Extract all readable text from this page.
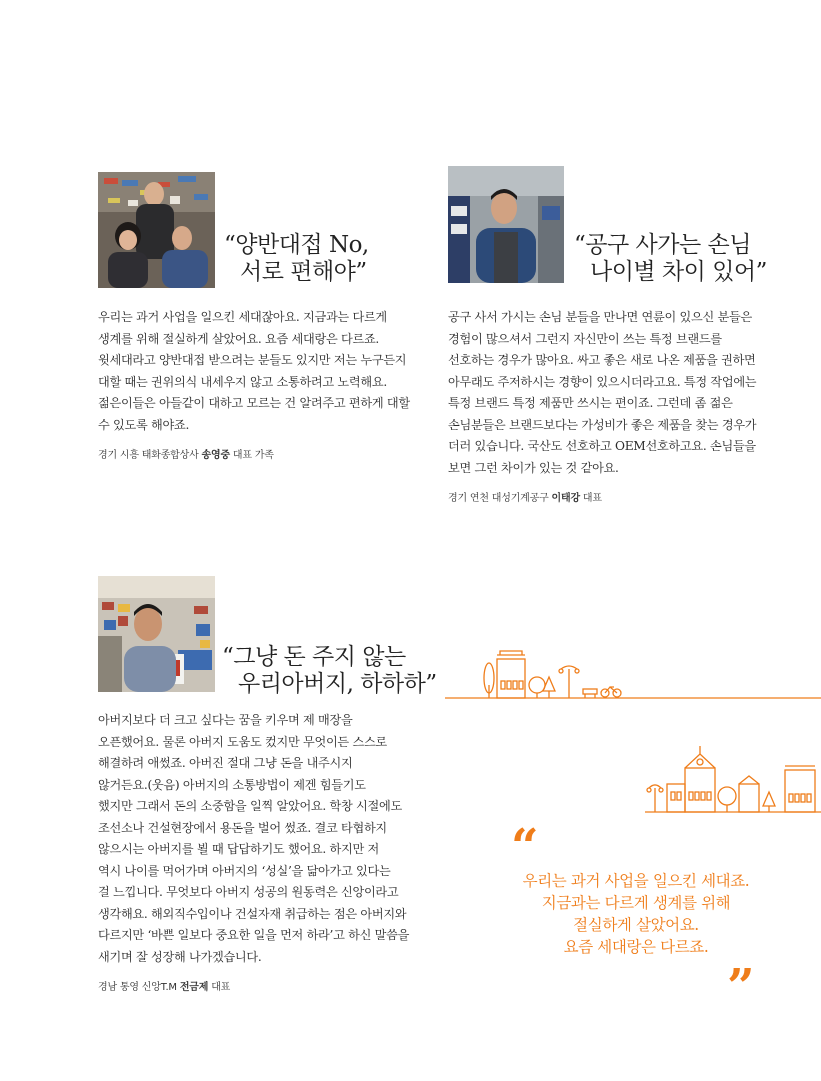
“양반대접 No,
서로 편해야”
우리는 과거 사업을 일으킨 세대잖아요. 지금과는 다르게
생계를 위해 절실하게 살았어요. 요즘 세대랑은 다르죠.
윗세대라고 양반대접 받으려는 분들도 있지만 저는 누구든지
대할 때는 권위의식 내세우지 않고 소통하려고 노력해요.
젊은이들은 아들같이 대하고 모르는 건 알려주고 편하게 대할
수 있도록 해야죠.
경기 시흥 태화종합상사 송영중 대표 가족
“공구 사가는 손님
나이별 차이 있어”
공구 사서 가시는 손님 분들을 만나면 연륜이 있으신 분들은
경험이 많으셔서 그런지 자신만이 쓰는 특정 브랜드를
선호하는 경우가 많아요. 싸고 좋은 새로 나온 제품을 권하면
아무래도 주저하시는 경향이 있으시더라고요. 특정 작업에는
특정 브랜드 특정 제품만 쓰시는 편이죠. 그런데 좀 젊은
손님분들은 브랜드보다는 가성비가 좋은 제품을 찾는 경우가
더러 있습니다. 국산도 선호하고 OEM선호하고요. 손님들을
보면 그런 차이가 있는 것 같아요.
경기 연천 대성기계공구 이태강 대표
“그냥 돈 주지 않는
우리아버지, 하하하”
아버지보다 더 크고 싶다는 꿈을 키우며 제 매장을
오픈했어요. 물론 아버지 도움도 컸지만 무엇이든 스스로
해결하려 애썼죠. 아버진 절대 그냥 돈을 내주시지
않거든요.(웃음) 아버지의 소통방법이 제겐 힘들기도
했지만 그래서 돈의 소중함을 일찍 알았어요. 학창 시절에도
조선소나 건설현장에서 용돈을 벌어 썼죠. 결코 타협하지
않으시는 아버지를 뵐 때 답답하기도 했어요. 하지만 저
역시 나이를 먹어가며 아버지의 ‘성실’을 닮아가고 있다는
걸 느낍니다. 무엇보다 아버지 성공의 원동력은 신앙이라고
생각해요. 해외직수입이나 건설자재 취급하는 점은 아버지와
다르지만 ‘바쁜 일보다 중요한 일을 먼저 하라’고 하신 말씀을
새기며 잘 성장해 나가겠습니다.
경남 통영 신앙T.M 전금제 대표
“
우리는 과거 사업을 일으킨 세대죠.
지금과는 다르게 생계를 위해
절실하게 살았어요.
요즘 세대랑은 다르죠.
”
